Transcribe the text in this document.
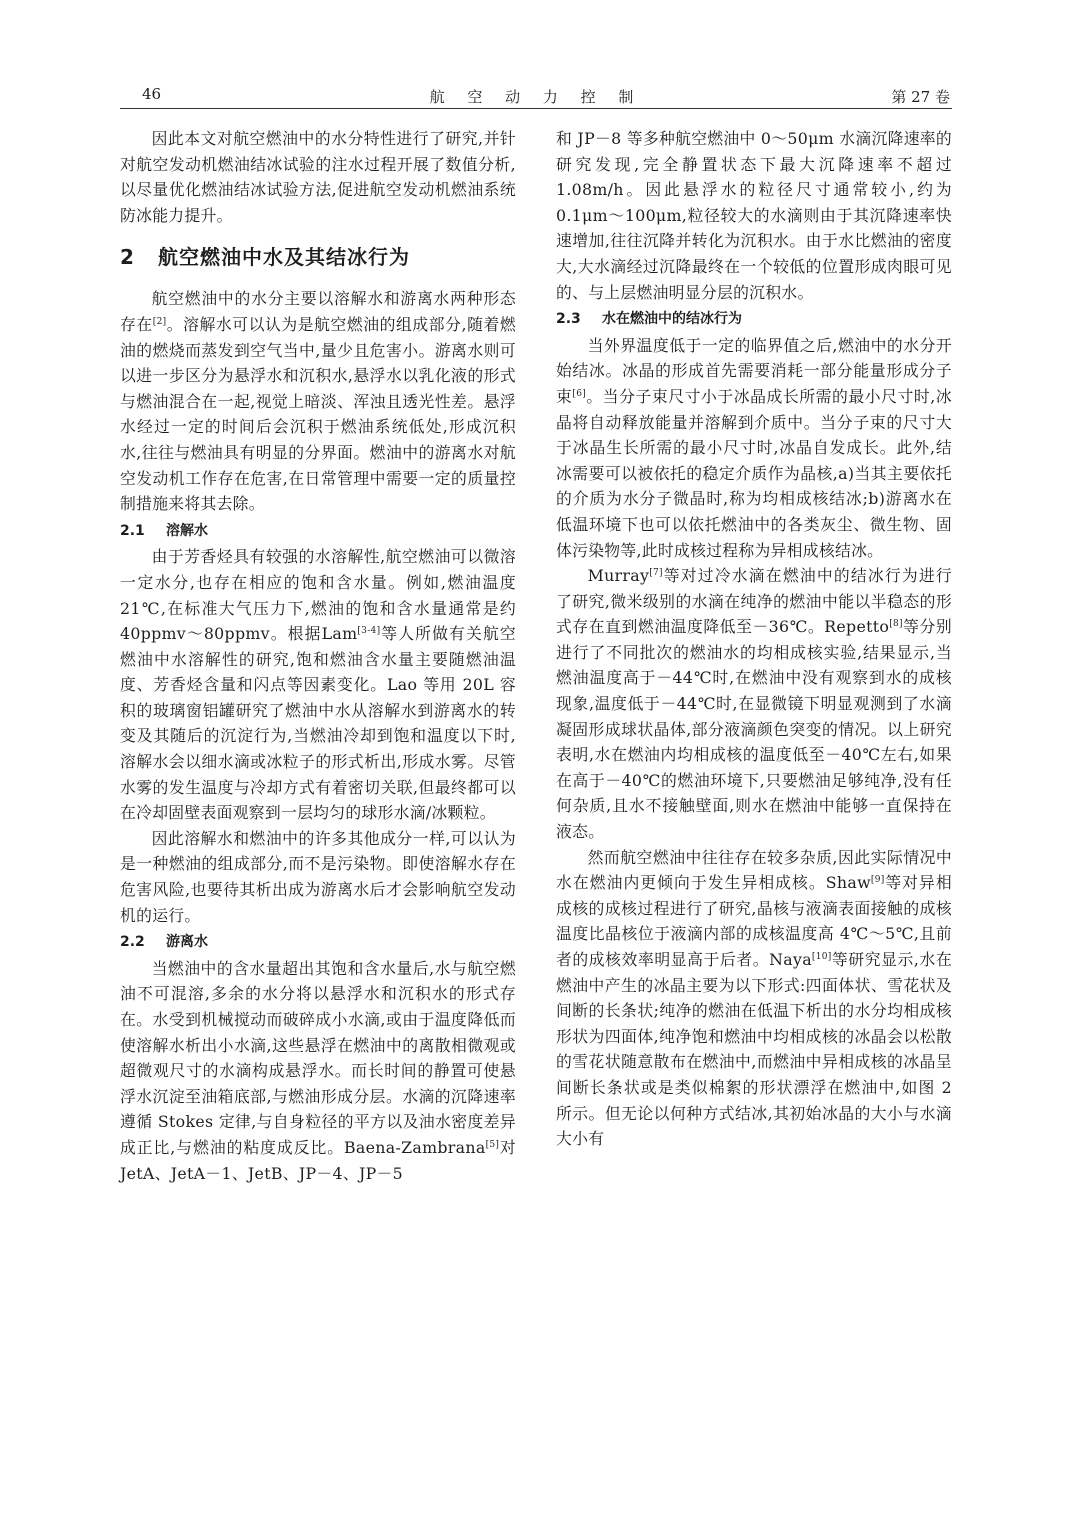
46	航 空 动 力 控 制	第 27 卷

因此本文对航空燃油中的水分特性进行了研究,并针对航空发动机燃油结冰试验的注水过程开展了数值分析,以尽量优化燃油结冰试验方法,促进航空发动机燃油系统防冰能力提升。

2 航空燃油中水及其结冰行为

航空燃油中的水分主要以溶解水和游离水两种形态存在[2]。溶解水可以认为是航空燃油的组成部分,随着燃油的燃烧而蒸发到空气当中,量少且危害小。游离水则可以进一步区分为悬浮水和沉积水,悬浮水以乳化液的形式与燃油混合在一起,视觉上暗淡、浑浊且透光性差。悬浮水经过一定的时间后会沉积于燃油系统低处,形成沉积水,往往与燃油具有明显的分界面。燃油中的游离水对航空发动机工作存在危害,在日常管理中需要一定的质量控制措施来将其去除。

2.1 溶解水

由于芳香烃具有较强的水溶解性,航空燃油可以微溶一定水分,也存在相应的饱和含水量。例如,燃油温度 21℃,在标准大气压力下,燃油的饱和含水量通常是约 40ppmv～80ppmv。根据Lam[3-4]等人所做有关航空燃油中水溶解性的研究,饱和燃油含水量主要随燃油温度、芳香烃含量和闪点等因素变化。Lao 等用 20L 容积的玻璃窗铝罐研究了燃油中水从溶解水到游离水的转变及其随后的沉淀行为,当燃油冷却到饱和温度以下时,溶解水会以细水滴或冰粒子的形式析出,形成水雾。尽管水雾的发生温度与冷却方式有着密切关联,但最终都可以在冷却固壁表面观察到一层均匀的球形水滴/冰颗粒。

因此溶解水和燃油中的许多其他成分一样,可以认为是一种燃油的组成部分,而不是污染物。即使溶解水存在危害风险,也要待其析出成为游离水后才会影响航空发动机的运行。

2.2 游离水

当燃油中的含水量超出其饱和含水量后,水与航空燃油不可混溶,多余的水分将以悬浮水和沉积水的形式存在。水受到机械搅动而破碎成小水滴,或由于温度降低而使溶解水析出小水滴,这些悬浮在燃油中的离散相微观或超微观尺寸的水滴构成悬浮水。而长时间的静置可使悬浮水沉淀至油箱底部,与燃油形成分层。水滴的沉降速率遵循 Stokes 定律,与自身粒径的平方以及油水密度差异成正比,与燃油的粘度成反比。Baena-Zambrana[5]对 JetA、JetA－1、JetB、JP－4、JP－5

和 JP－8 等多种航空燃油中 0～50μm 水滴沉降速率的研究发现,完全静置状态下最大沉降速率不超过 1.08m/h。因此悬浮水的粒径尺寸通常较小,约为 0.1μm～100μm,粒径较大的水滴则由于其沉降速率快速增加,往往沉降并转化为沉积水。由于水比燃油的密度大,大水滴经过沉降最终在一个较低的位置形成肉眼可见的、与上层燃油明显分层的沉积水。

2.3 水在燃油中的结冰行为

当外界温度低于一定的临界值之后,燃油中的水分开始结冰。冰晶的形成首先需要消耗一部分能量形成分子束[6]。当分子束尺寸小于冰晶成长所需的最小尺寸时,冰晶将自动释放能量并溶解到介质中。当分子束的尺寸大于冰晶生长所需的最小尺寸时,冰晶自发成长。此外,结冰需要可以被依托的稳定介质作为晶核,a)当其主要依托的介质为水分子微晶时,称为均相成核结冰;b)游离水在低温环境下也可以依托燃油中的各类灰尘、微生物、固体污染物等,此时成核过程称为异相成核结冰。

Murray[7]等对过冷水滴在燃油中的结冰行为进行了研究,微米级别的水滴在纯净的燃油中能以半稳态的形式存在直到燃油温度降低至－36℃。Repetto[8]等分别进行了不同批次的燃油水的均相成核实验,结果显示,当燃油温度高于－44℃时,在燃油中没有观察到水的成核现象,温度低于－44℃时,在显微镜下明显观测到了水滴凝固形成球状晶体,部分液滴颜色突变的情况。以上研究表明,水在燃油内均相成核的温度低至－40℃左右,如果在高于－40℃的燃油环境下,只要燃油足够纯净,没有任何杂质,且水不接触壁面,则水在燃油中能够一直保持在液态。

然而航空燃油中往往存在较多杂质,因此实际情况中水在燃油内更倾向于发生异相成核。Shaw[9]等对异相成核的成核过程进行了研究,晶核与液滴表面接触的成核温度比晶核位于液滴内部的成核温度高 4℃～5℃,且前者的成核效率明显高于后者。Naya[10]等研究显示,水在燃油中产生的冰晶主要为以下形式:四面体状、雪花状及间断的长条状;纯净的燃油在低温下析出的水分均相成核形状为四面体,纯净饱和燃油中均相成核的冰晶会以松散的雪花状随意散布在燃油中,而燃油中异相成核的冰晶呈间断长条状或是类似棉絮的形状漂浮在燃油中,如图 2 所示。但无论以何种方式结冰,其初始冰晶的大小与水滴大小有
